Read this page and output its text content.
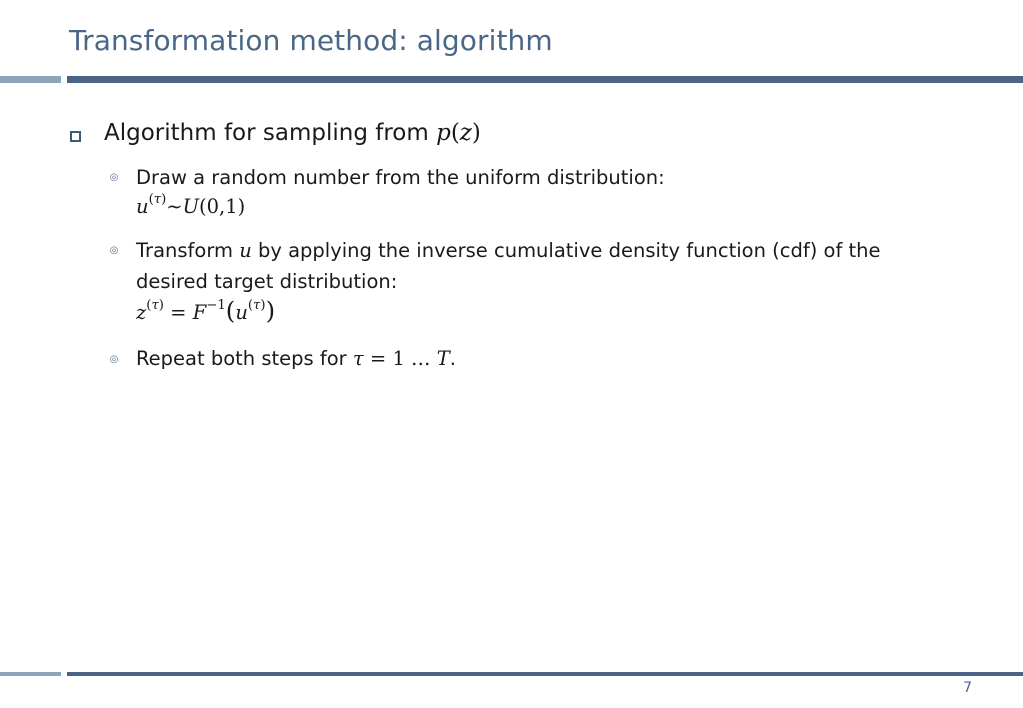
Transformation method: algorithm
Algorithm for sampling from p(z)
◎ Draw a random number from the uniform distribution:
$u^{(\tau)}\sim U(0,1)$
◎ Transform u by applying the inverse cumulative density function (cdf) of the
desired target distribution:
$z^{(\tau)} = F^{-1}(u^{(\tau)})$
◎ Repeat both steps for τ = 1 … T.
7
